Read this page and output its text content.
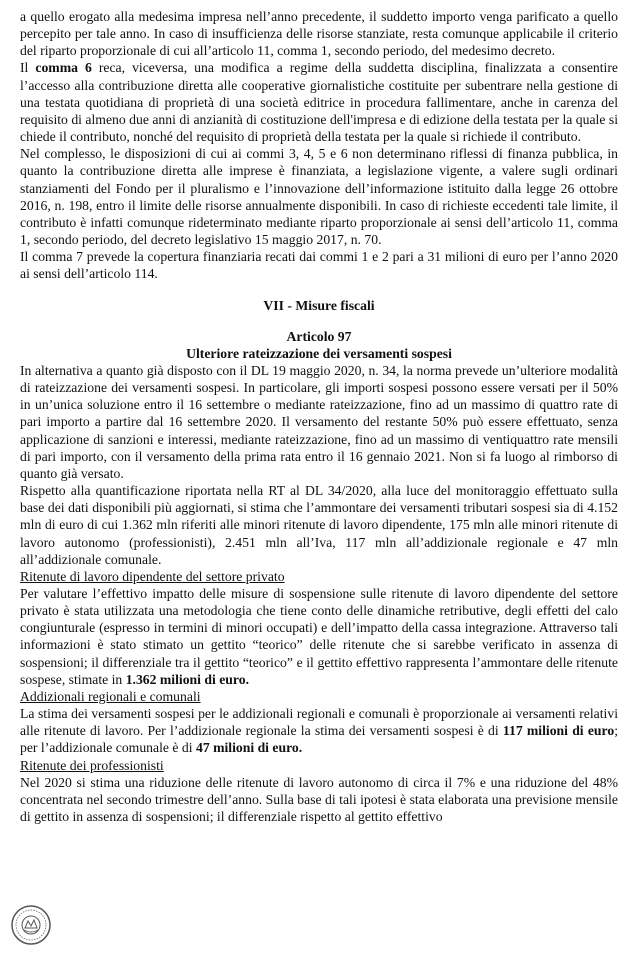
a quello erogato alla medesima impresa nell’anno precedente, il suddetto importo venga parificato a quello percepito per tale anno. In caso di insufficienza delle risorse stanziate, resta comunque applicabile il criterio del riparto proporzionale di cui all’articolo 11, comma 1, secondo periodo, del medesimo decreto.

Il comma 6 reca, viceversa, una modifica a regime della suddetta disciplina, finalizzata a consentire l’accesso alla contribuzione diretta alle cooperative giornalistiche costituite per subentrare nella gestione di una testata quotidiana di proprietà di una società editrice in procedura fallimentare, anche in carenza del requisito di almeno due anni di anzianità di costituzione dell'impresa e di edizione della testata per la quale si chiede il contributo, nonché del requisito di proprietà della testata per la quale si richiede il contributo.

Nel complesso, le disposizioni di cui ai commi 3, 4, 5 e 6 non determinano riflessi di finanza pubblica, in quanto la contribuzione diretta alle imprese è finanziata, a legislazione vigente, a valere sugli ordinari stanziamenti del Fondo per il pluralismo e l’innovazione dell’informazione istituito dalla legge 26 ottobre 2016, n. 198, entro il limite delle risorse annualmente disponibili. In caso di richieste eccedenti tale limite, il contributo è infatti comunque rideterminato mediante riparto proporzionale ai sensi dell’articolo 11, comma 1, secondo periodo, del decreto legislativo 15 maggio 2017, n. 70.

Il comma 7 prevede la copertura finanziaria recati dai commi 1 e 2 pari a 31 milioni di euro per l’anno 2020 ai sensi dell’articolo 114.

VII - Misure fiscali

Articolo 97

Ulteriore rateizzazione dei versamenti sospesi

In alternativa a quanto già disposto con il DL 19 maggio 2020, n. 34, la norma prevede un’ulteriore modalità di rateizzazione dei versamenti sospesi. In particolare, gli importi sospesi possono essere versati per il 50% in un’unica soluzione entro il 16 settembre o mediante rateizzazione, fino ad un massimo di quattro rate di pari importo a partire dal 16 settembre 2020. Il versamento del restante 50% può essere effettuato, senza applicazione di sanzioni e interessi, mediante rateizzazione, fino ad un massimo di ventiquattro rate mensili di pari importo, con il versamento della prima rata entro il 16 gennaio 2021. Non si fa luogo al rimborso di quanto già versato.

Rispetto alla quantificazione riportata nella RT al DL 34/2020, alla luce del monitoraggio effettuato sulla base dei dati disponibili più aggiornati, si stima che l’ammontare dei versamenti tributari sospesi sia di 4.152 mln di euro di cui 1.362 mln riferiti alle minori ritenute di lavoro dipendente, 175 mln alle minori ritenute di lavoro autonomo (professionisti), 2.451 mln all’Iva, 117 mln all’addizionale regionale e 47 mln all’addizionale comunale.

Ritenute di lavoro dipendente del settore privato

Per valutare l’effettivo impatto delle misure di sospensione sulle ritenute di lavoro dipendente del settore privato è stata utilizzata una metodologia che tiene conto delle dinamiche retributive, degli effetti del calo congiunturale (espresso in termini di minori occupati) e dell’impatto della cassa integrazione. Attraverso tali informazioni è stato stimato un gettito “teorico” delle ritenute che si sarebbe verificato in assenza di sospensioni; il differenziale tra il gettito “teorico” e il gettito effettivo rappresenta l’ammontare delle ritenute sospese, stimate in 1.362 milioni di euro.

Addizionali regionali e comunali

La stima dei versamenti sospesi per le addizionali regionali e comunali è proporzionale ai versamenti relativi alle ritenute di lavoro. Per l’addizionale regionale la stima dei versamenti sospesi è di 117 milioni di euro; per l’addizionale comunale è di 47 milioni di euro.

Ritenute dei professionisti

Nel 2020 si stima una riduzione delle ritenute di lavoro autonomo di circa il 7% e una riduzione del 48% concentrata nel secondo trimestre dell’anno. Sulla base di tali ipotesi è stata elaborata una previsione mensile di gettito in assenza di sospensioni; il differenziale rispetto al gettito effettivo
